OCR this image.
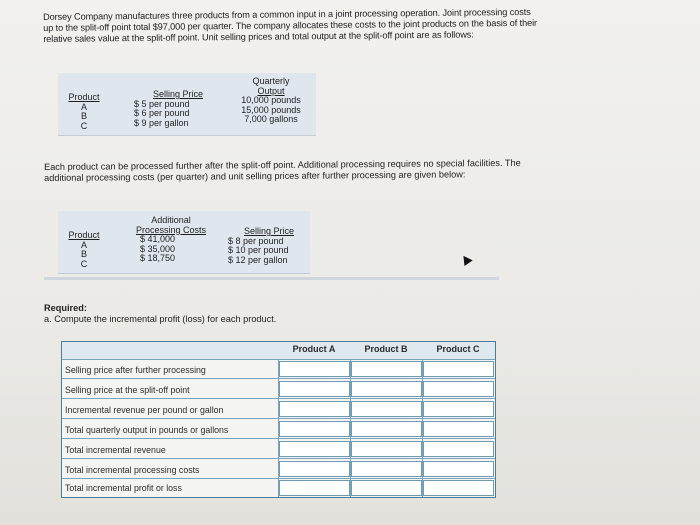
Dorsey Company manufactures three products from a common input in a joint processing operation. Joint processing costs up to the split-off point total $97,000 per quarter. The company allocates these costs to the joint products on the basis of their relative sales value at the split-off point. Unit selling prices and total output at the split-off point are as follows:
Product
A
B
C
Selling Price
$ 5 per pound
$ 6 per pound
$ 9 per gallon
Quarterly
Output
10,000 pounds
15,000 pounds
7,000 gallons
Each product can be processed further after the split-off point. Additional processing requires no special facilities. The additional processing costs (per quarter) and unit selling prices after further processing are given below:
Product
A
B
C
Additional
Processing Costs
$ 41,000
$ 35,000
$ 18,750
Selling Price
$ 8 per pound
$ 10 per pound
$ 12 per gallon
Required:
a. Compute the incremental profit (loss) for each product.
Product A	Product B	Product C
Selling price after further processing
Selling price at the split-off point
Incremental revenue per pound or gallon
Total quarterly output in pounds or gallons
Total incremental revenue
Total incremental processing costs
Total incremental profit or loss
